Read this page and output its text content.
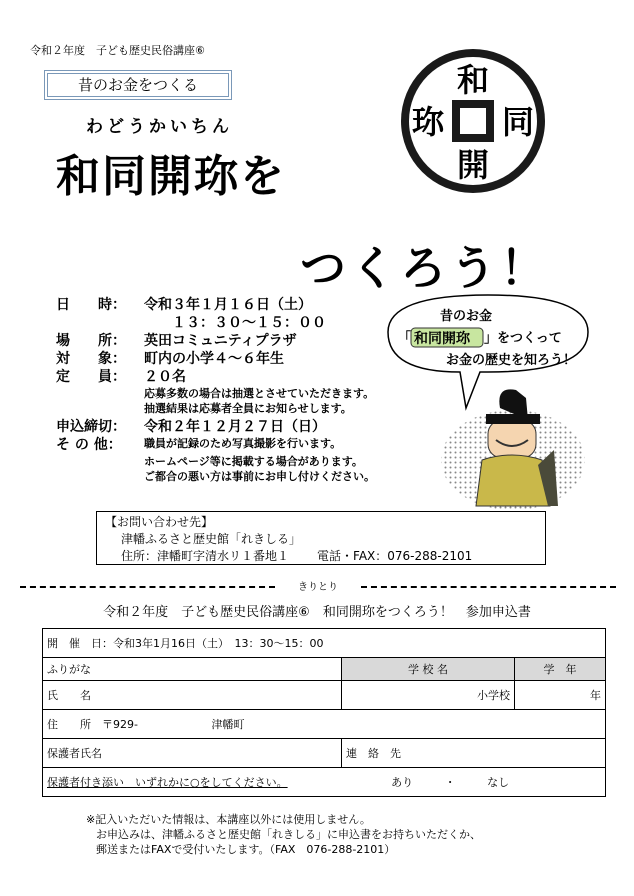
令和２年度　子ども歴史民俗講座⑥
昔のお金をつくる
わどうかいちん
和同開珎を
つくろう！
和
同
開
珎
日　　時：	令和３年１月１６日（土）
　　１３：３０～１５：００
場　　所：	英田コミュニティプラザ
対　　象：	町内の小学４～６年生
定　　員：	２０名
応募多数の場合は抽選とさせていただきます。
抽選結果は応募者全員にお知らせします。
申込締切：	令和２年１２月２７日（日）
そ の 他：	職員が記録のため写真撮影を行います。
ホームページ等に掲載する場合があります。
ご都合の悪い方は事前にお申し付けください。
昔のお金
「 和同開珎 」をつくって
お金の歴史を知ろう！
【お問い合わせ先】
津幡ふるさと歴史館「れきしる」
住所：津幡町字清水リ１番地１ 電話・FAX：076-288-2101
きりとり
令和２年度　子ども歴史民俗講座⑥　和同開珎をつくろう！　参加申込書
開　催　日：令和3年1月16日（土）　13：30～15：00		
ふりがな	学 校 名	学　年
氏　　名	小学校	年
住　　所　〒929- 津幡町		
保護者氏名	連　絡　先	
保護者付き添い　いずれかに○をしてください。 あり ・ なし		
※記入いただいた情報は、本講座以外には使用しません。
お申込みは、津幡ふるさと歴史館「れきしる」に申込書をお持ちいただくか、
郵送またはFAXで受付いたします。（FAX　076-288-2101）
